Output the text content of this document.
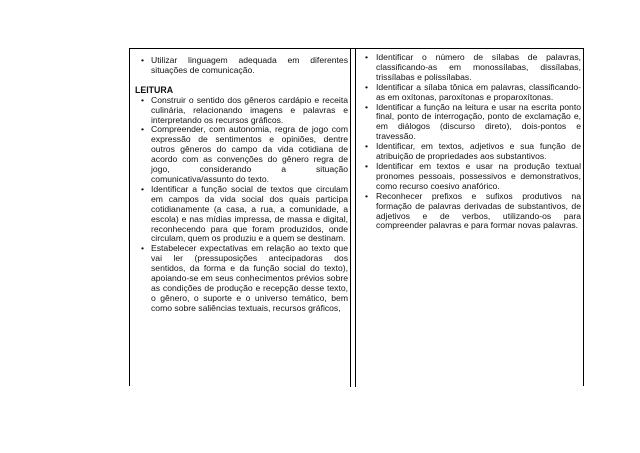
• Utilizar linguagem adequada em diferentes situações de comunicação.
LEITURA
• Construir o sentido dos gêneros cardápio e receita culinária, relacionando imagens e palavras e interpretando os recursos gráficos.
• Compreender, com autonomia, regra de jogo com expressão de sentimentos e opiniões, dentre outros gêneros do campo da vida cotidiana de acordo com as convenções do gênero regra de jogo, considerando a situação comunicativa/assunto do texto.
• Identificar a função social de textos que circulam em campos da vida social dos quais participa cotidianamente (a casa, a rua, a comunidade, a escola) e nas mídias impressa, de massa e digital, reconhecendo para que foram produzidos, onde circulam, quem os produziu e a quem se destinam.
• Estabelecer expectativas em relação ao texto que vai ler (pressuposições antecipadoras dos sentidos, da forma e da função social do texto), apoiando-se em seus conhecimentos prévios sobre as condições de produção e recepção desse texto, o gênero, o suporte e o universo temático, bem como sobre saliências textuais, recursos gráficos,
• Identificar o número de sílabas de palavras, classificando-as em monossílabas, dissílabas, trissílabas e polissílabas.
• Identificar a sílaba tônica em palavras, classificando-as em oxítonas, paroxítonas e proparoxítonas.
• Identificar a função na leitura e usar na escrita ponto final, ponto de interrogação, ponto de exclamação e, em diálogos (discurso direto), dois-pontos e travessão.
• Identificar, em textos, adjetivos e sua função de atribuição de propriedades aos substantivos.
• Identificar em textos e usar na produção textual pronomes pessoais, possessivos e demonstrativos, como recurso coesivo anafórico.
• Reconhecer prefixos e sufixos produtivos na formação de palavras derivadas de substantivos, de adjetivos e de verbos, utilizando-os para compreender palavras e para formar novas palavras.
